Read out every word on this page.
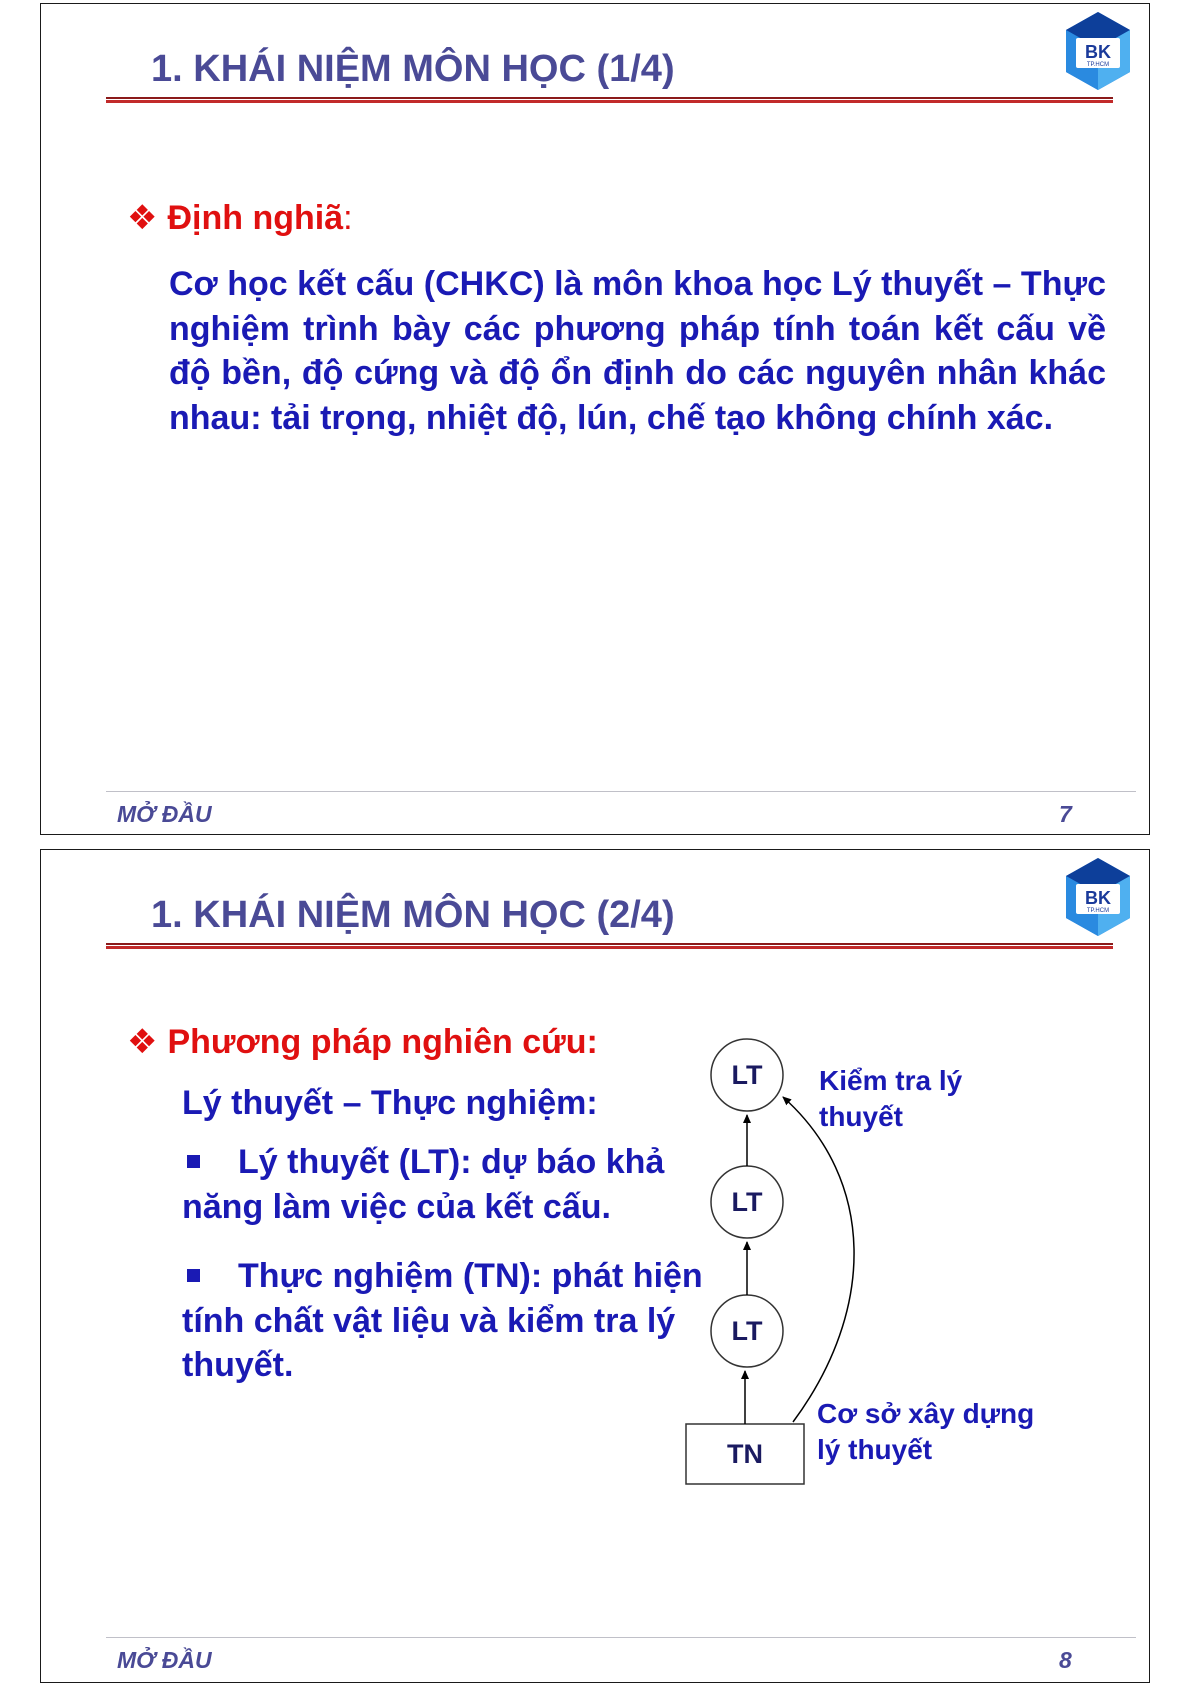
1. KHÁI NIỆM MÔN HỌC (1/4)	BK
TP.HCM
❖ Định nghiã:

Cơ học kết cấu (CHKC) là môn khoa học Lý thuyết – Thực nghiệm trình bày các phương pháp tính toán kết cấu về độ bền, độ cứng và độ ổn định do các nguyên nhân khác nhau: tải trọng, nhiệt độ, lún, chế tạo không chính xác.

MỞ ĐẦU	7
1. KHÁI NIỆM MÔN HỌC (2/4)	BK
TP.HCM
❖ Phương pháp nghiên cứu:
Lý thuyết – Thực nghiệm:

Lý thuyết (LT): dự báo khả năng làm việc của kết cấu.

Thực nghiệm (TN): phát hiện tính chất vật liệu và kiểm tra lý thuyết.

LT
LT
LT
TN
Kiểm tra lý
thuyết
Cơ sở xây dựng
lý thuyết
MỞ ĐẦU	8
